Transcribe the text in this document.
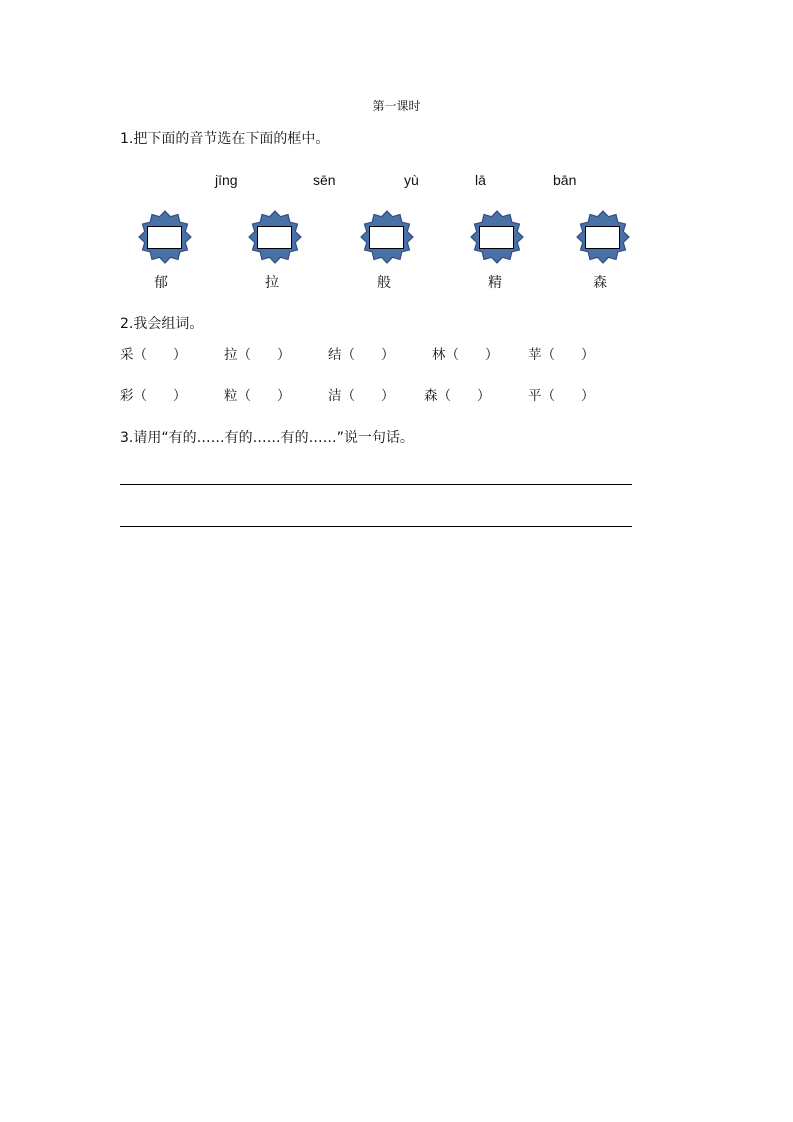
第一课时
1.把下面的音节选在下面的框中。
jīng	sēn	yù	lā	bān
郁	拉	般	精	森
2.我会组词。
采（ ）	拉（ ）	结（ ）	林（ ） 苹（ ）
彩（ ）	粒（ ）	洁（ ） 森（ ）	平（ ）
3.请用“有的……有的……有的……”说一句话。
